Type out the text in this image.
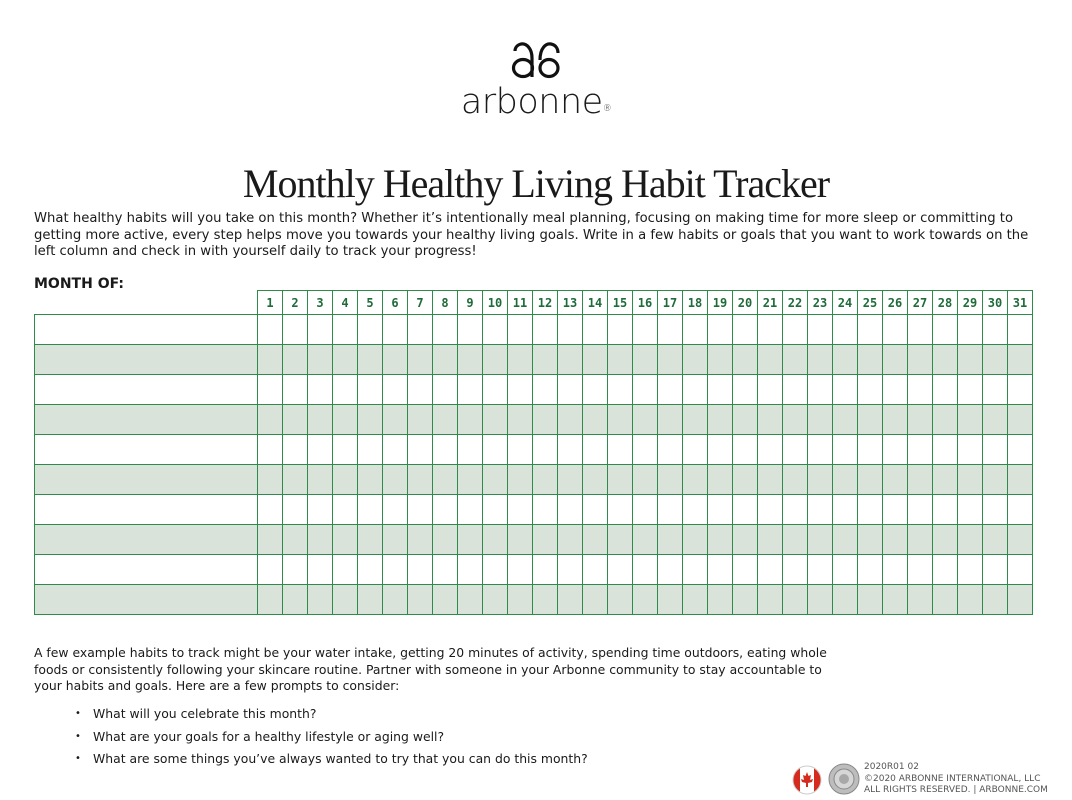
arbonne®
Monthly Healthy Living Habit Tracker

What healthy habits will you take on this month? Whether it’s intentionally meal planning, focusing on making time for more sleep or committing to getting more active, every step helps move you towards your healthy living goals. Write in a few habits or goals that you want to work towards on the left column and check in with yourself daily to track your progress!

MONTH OF:

	1	2	3	4	5	6	7	8	9	10	11	12	13	14	15	16	17	18	19	20	21	22	23	24	25	26	27	28	29	30	31

A few example habits to track might be your water intake, getting 20 minutes of activity, spending time outdoors, eating whole foods or consistently following your skincare routine. Partner with someone in your Arbonne community to stay accountable to your habits and goals. Here are a few prompts to consider:

• What will you celebrate this month?
• What are your goals for a healthy lifestyle or aging well?
• What are some things you’ve always wanted to try that you can do this month?
2020R01 02
©2020 ARBONNE INTERNATIONAL, LLC
ALL RIGHTS RESERVED. | ARBONNE.COM
